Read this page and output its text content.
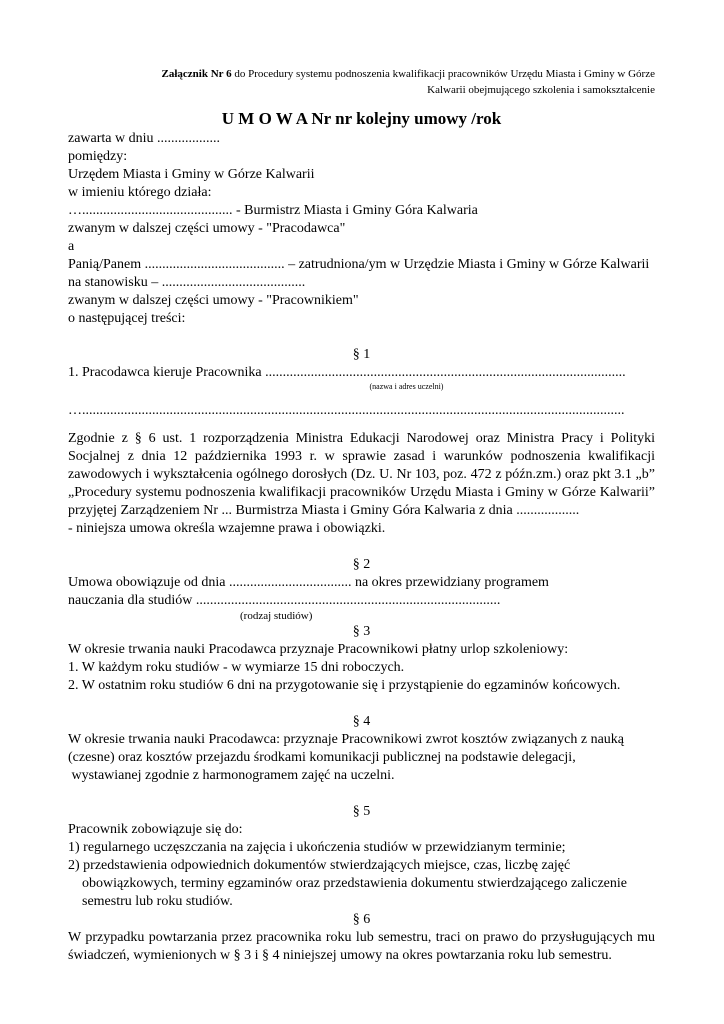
Załącznik Nr 6 do Procedury systemu podnoszenia kwalifikacji pracowników Urzędu Miasta i Gminy w Górze
Kalwarii obejmującego szkolenia i samokształcenie
U M O W A Nr nr kolejny umowy /rok

zawarta w dniu ..................

pomiędzy:

Urzędem Miasta i Gminy w Górze Kalwarii

w imieniu którego działa:

…........................................... - Burmistrz Miasta i Gminy Góra Kalwaria

zwanym w dalszej części umowy - "Pracodawca"

a

Panią/Panem ........................................ – zatrudniona/ym w Urzędzie Miasta i Gminy w Górze Kalwarii

na stanowisku – .........................................

zwanym w dalszej części umowy - "Pracownikiem"

o następującej treści:

§ 1

1. Pracodawca kieruje Pracownika .......................................................................................................

(nazwa i adres uczelni)

…...........................................................................................................................................................

Zgodnie z § 6 ust. 1 rozporządzenia Ministra Edukacji Narodowej oraz Ministra Pracy i Polityki Socjalnej z dnia 12 października 1993 r. w sprawie zasad i warunków podnoszenia kwalifikacji zawodowych i wykształcenia ogólnego dorosłych (Dz. U. Nr 103, poz. 472 z późn.zm.) oraz pkt 3.1 „b” „Procedury systemu podnoszenia kwalifikacji pracowników Urzędu Miasta i Gminy w Górze Kalwarii” przyjętej Zarządzeniem Nr ... Burmistrza Miasta i Gminy Góra Kalwaria z dnia ..................

- niniejsza umowa określa wzajemne prawa i obowiązki.

§ 2

Umowa obowiązuje od dnia ................................... na okres przewidziany programem

nauczania dla studiów .......................................................................................

(rodzaj studiów)

§ 3

W okresie trwania nauki Pracodawca przyznaje Pracownikowi płatny urlop szkoleniowy:

1. W każdym roku studiów - w wymiarze 15 dni roboczych.

2. W ostatnim roku studiów 6 dni na przygotowanie się i przystąpienie do egzaminów końcowych.

§ 4

W okresie trwania nauki Pracodawca: przyznaje Pracownikowi zwrot kosztów związanych z nauką

(czesne) oraz kosztów przejazdu środkami komunikacji publicznej na podstawie delegacji,

wystawianej zgodnie z harmonogramem zajęć na uczelni.

§ 5

Pracownik zobowiązuje się do:

1) regularnego uczęszczania na zajęcia i ukończenia studiów w przewidzianym terminie;

2) przedstawienia odpowiednich dokumentów stwierdzających miejsce, czas, liczbę zajęć obowiązkowych, terminy egzaminów oraz przedstawienia dokumentu stwierdzającego zaliczenie semestru lub roku studiów.

§ 6

W przypadku powtarzania przez pracownika roku lub semestru, traci on prawo do przysługujących mu świadczeń, wymienionych w § 3 i § 4 niniejszej umowy na okres powtarzania roku lub semestru.
